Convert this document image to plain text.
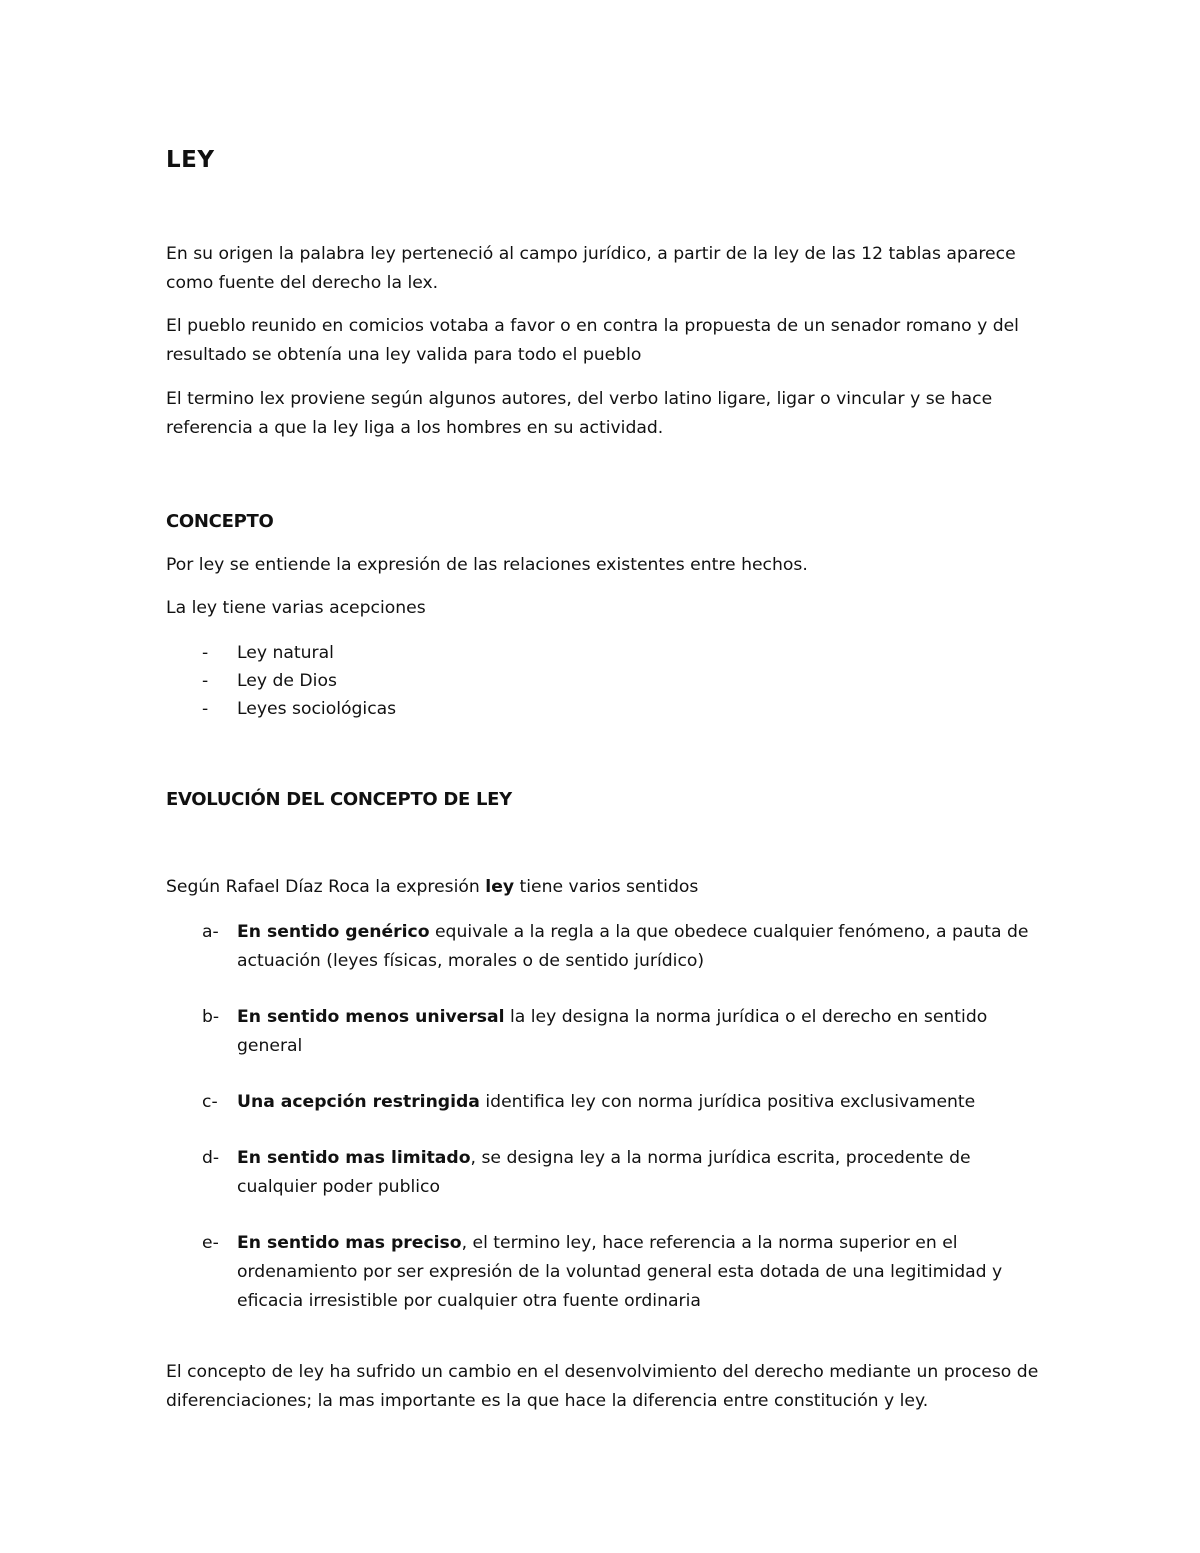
LEY

En su origen la palabra ley perteneció al campo jurídico, a partir de la ley de las 12 tablas aparece como fuente del derecho la lex.

El pueblo reunido en comicios votaba a favor o en contra la propuesta de un senador romano y del resultado se obtenía una ley valida para todo el pueblo

El termino lex proviene según algunos autores, del verbo latino ligare, ligar o vincular y se hace referencia a que la ley liga a los hombres en su actividad.

CONCEPTO

Por ley se entiende la expresión de las relaciones existentes entre hechos.

La ley tiene varias acepciones

- Ley natural
- Ley de Dios
- Leyes sociológicas
EVOLUCIÓN DEL CONCEPTO DE LEY

Según Rafael Díaz Roca la expresión ley tiene varios sentidos

a- En sentido genérico equivale a la regla a la que obedece cualquier fenómeno, a pauta de actuación (leyes físicas, morales o de sentido jurídico)
b- En sentido menos universal la ley designa la norma jurídica o el derecho en sentido general
c- Una acepción restringida identifica ley con norma jurídica positiva exclusivamente
d- En sentido mas limitado, se designa ley a la norma jurídica escrita, procedente de cualquier poder publico
e- En sentido mas preciso, el termino ley, hace referencia a la norma superior en el ordenamiento por ser expresión de la voluntad general esta dotada de una legitimidad y eficacia irresistible por cualquier otra fuente ordinaria

El concepto de ley ha sufrido un cambio en el desenvolvimiento del derecho mediante un proceso de diferenciaciones; la mas importante es la que hace la diferencia entre constitución y ley.
